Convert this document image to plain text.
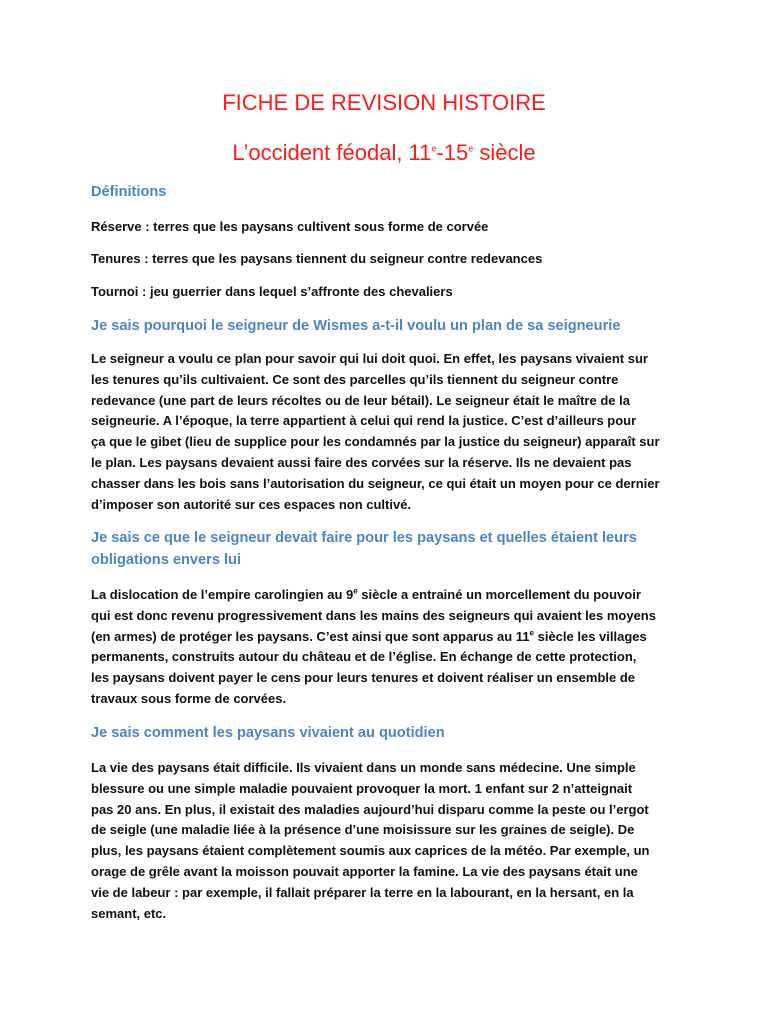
FICHE DE REVISION HISTOIRE
L’occident féodal, 11e-15e siècle
Définitions
Réserve : terres que les paysans cultivent sous forme de corvée
Tenures : terres que les paysans tiennent du seigneur contre redevances
Tournoi : jeu guerrier dans lequel s’affronte des chevaliers
Je sais pourquoi le seigneur de Wismes a-t-il voulu un plan de sa seigneurie
Le seigneur a voulu ce plan pour savoir qui lui doit quoi. En effet, les paysans vivaient sur
les tenures qu’ils cultivaient. Ce sont des parcelles qu’ils tiennent du seigneur contre
redevance (une part de leurs récoltes ou de leur bétail). Le seigneur était le maître de la
seigneurie. A l’époque, la terre appartient à celui qui rend la justice. C’est d’ailleurs pour
ça que le gibet (lieu de supplice pour les condamnés par la justice du seigneur) apparaît sur
le plan. Les paysans devaient aussi faire des corvées sur la réserve. Ils ne devaient pas
chasser dans les bois sans l’autorisation du seigneur, ce qui était un moyen pour ce dernier
d’imposer son autorité sur ces espaces non cultivé.
Je sais ce que le seigneur devait faire pour les paysans et quelles étaient leurs
obligations envers lui
La dislocation de l’empire carolingien au 9e siècle a entrainé un morcellement du pouvoir
qui est donc revenu progressivement dans les mains des seigneurs qui avaient les moyens
(en armes) de protéger les paysans. C’est ainsi que sont apparus au 11e siècle les villages
permanents, construits autour du château et de l’église. En échange de cette protection,
les paysans doivent payer le cens pour leurs tenures et doivent réaliser un ensemble de
travaux sous forme de corvées.
Je sais comment les paysans vivaient au quotidien
La vie des paysans était difficile. Ils vivaient dans un monde sans médecine. Une simple
blessure ou une simple maladie pouvaient provoquer la mort. 1 enfant sur 2 n’atteignait
pas 20 ans. En plus, il existait des maladies aujourd’hui disparu comme la peste ou l’ergot
de seigle (une maladie liée à la présence d’une moisissure sur les graines de seigle). De
plus, les paysans étaient complètement soumis aux caprices de la météo. Par exemple, un
orage de grêle avant la moisson pouvait apporter la famine. La vie des paysans était une
vie de labeur : par exemple, il fallait préparer la terre en la labourant, en la hersant, en la
semant, etc.
